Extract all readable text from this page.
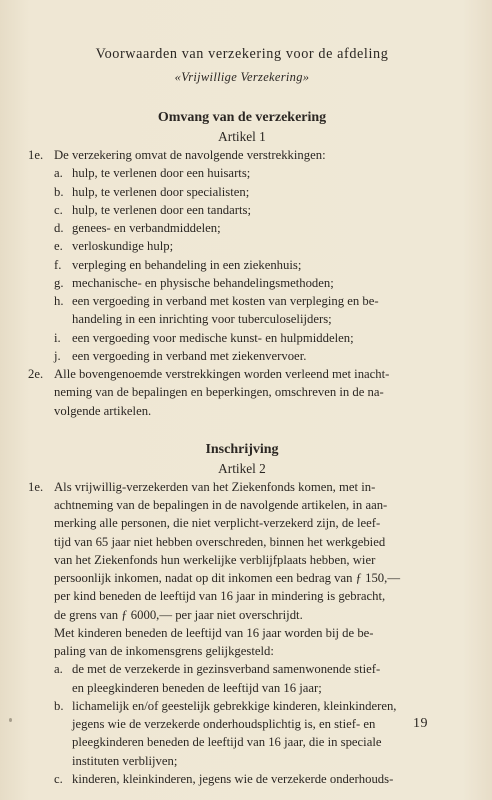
Voorwaarden van verzekering voor de afdeling

«Vrijwillige Verzekering»

Omvang van de verzekering

Artikel 1

1e. De verzekering omvat de navolgende verstrekkingen:
a. hulp, te verlenen door een huisarts;
b. hulp, te verlenen door specialisten;
c. hulp, te verlenen door een tandarts;
d. genees- en verbandmiddelen;
e. verloskundige hulp;
f. verpleging en behandeling in een ziekenhuis;
g. mechanische- en physische behandelingsmethoden;
h. een vergoeding in verband met kosten van verpleging en be-
handeling in een inrichting voor tuberculoselijders;
i. een vergoeding voor medische kunst- en hulpmiddelen;
j. een vergoeding in verband met ziekenvervoer.
2e. Alle bovengenoemde verstrekkingen worden verleend met inacht-
neming van de bepalingen en beperkingen, omschreven in de na-
volgende artikelen.

Inschrijving

Artikel 2

1e. Als vrijwillig-verzekerden van het Ziekenfonds komen, met in-
achtneming van de bepalingen in de navolgende artikelen, in aan-
merking alle personen, die niet verplicht-verzekerd zijn, de leef-
tijd van 65 jaar niet hebben overschreden, binnen het werkgebied
van het Ziekenfonds hun werkelijke verblijfplaats hebben, wier
persoonlijk inkomen, nadat op dit inkomen een bedrag van ƒ 150,—
per kind beneden de leeftijd van 16 jaar in mindering is gebracht,
de grens van ƒ 6000,— per jaar niet overschrijdt.
Met kinderen beneden de leeftijd van 16 jaar worden bij de be-
paling van de inkomensgrens gelijkgesteld:
a. de met de verzekerde in gezinsverband samenwonende stief-
en pleegkinderen beneden de leeftijd van 16 jaar;
b. lichamelijk en/of geestelijk gebrekkige kinderen, kleinkinderen,
jegens wie de verzekerde onderhoudsplichtig is, en stief- en
pleegkinderen beneden de leeftijd van 16 jaar, die in speciale
instituten verblijven;
c. kinderen, kleinkinderen, jegens wie de verzekerde onderhouds-
19
